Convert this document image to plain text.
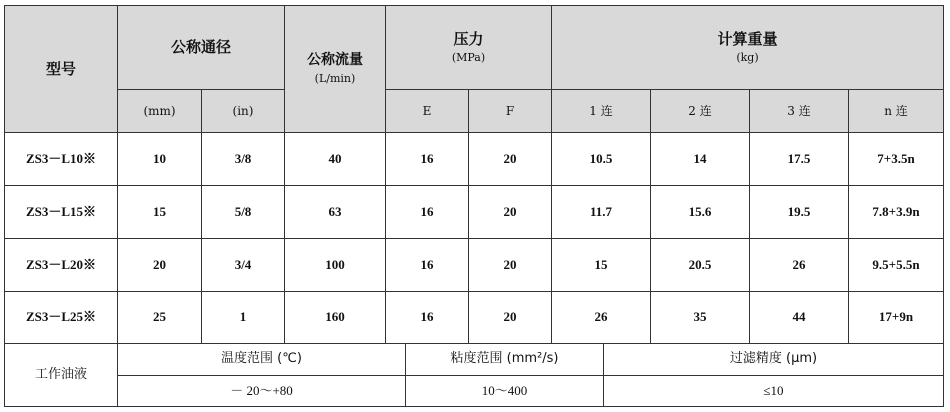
型号
公称通径
(mm)	(in)
公称流量
(L/min)
压力
(MPa)
E	F
计算重量
(kg)
1 连	2 连	3 连	n 连
ZS3－L10※	10	3/8	40	16	20	10.5	14	17.5	7+3.5n
ZS3－L15※	15	5/8	63	16	20	11.7	15.6	19.5	7.8+3.9n
ZS3－L20※	20	3/4	100	16	20	15	20.5	26	9.5+5.5n
ZS3－L25※	25	1	160	16	20	26	35	44	17+9n
工作油液
温度范围 (℃)	粘度范围 (mm²/s)	过滤精度 (μm)
－ 20～+80	10～400	≤10
